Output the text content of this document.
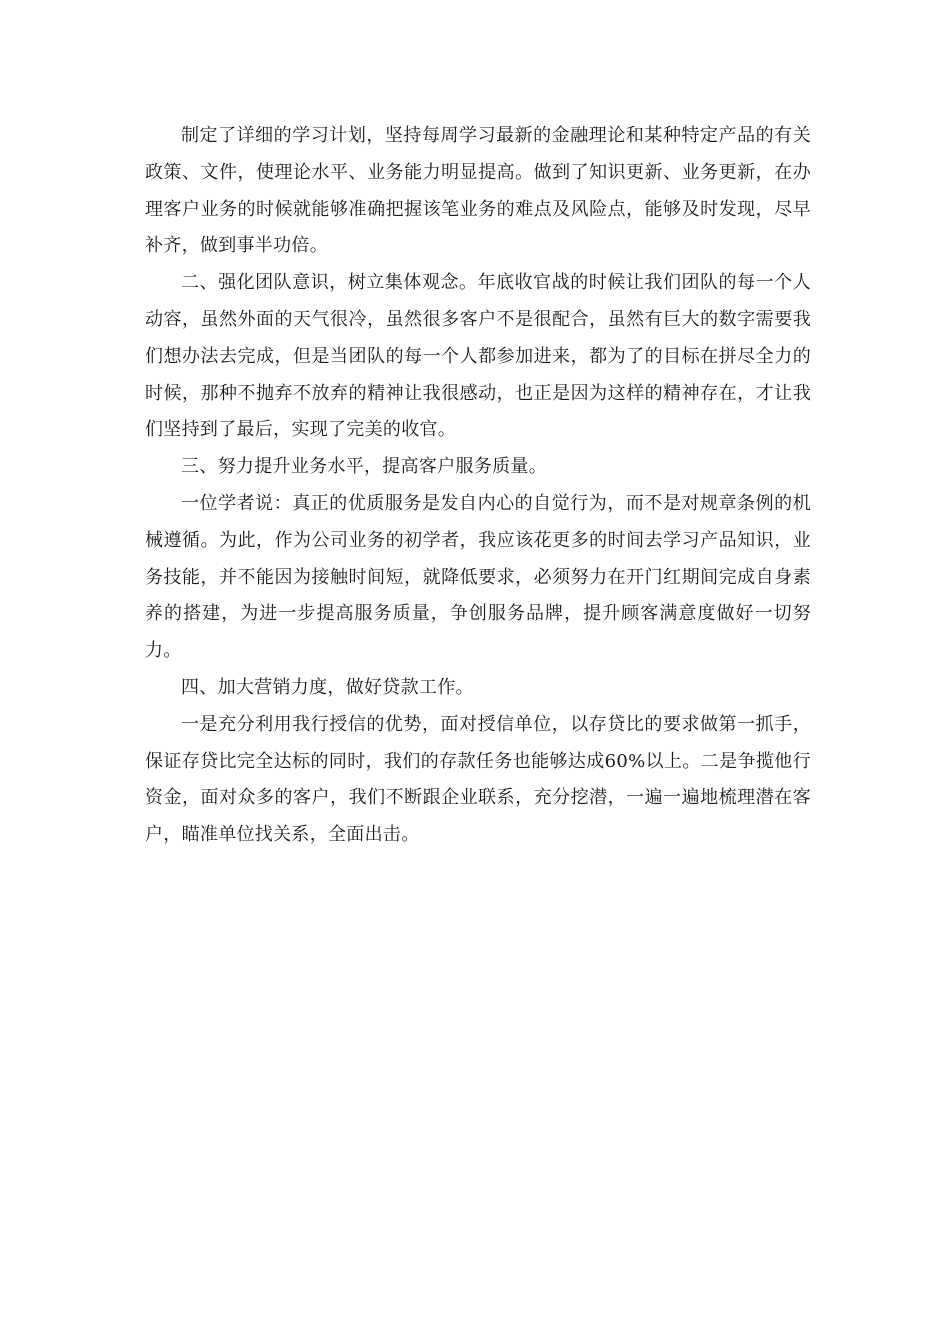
制定了详细的学习计划，坚持每周学习最新的金融理论和某种特定产品的有关政策、文件，使理论水平、业务能力明显提高。做到了知识更新、业务更新，在办理客户业务的时候就能够准确把握该笔业务的难点及风险点，能够及时发现，尽早补齐，做到事半功倍。

二、强化团队意识，树立集体观念。年底收官战的时候让我们团队的每一个人动容，虽然外面的天气很冷，虽然很多客户不是很配合，虽然有巨大的数字需要我们想办法去完成，但是当团队的每一个人都参加进来，都为了的目标在拼尽全力的时候，那种不抛弃不放弃的精神让我很感动，也正是因为这样的精神存在，才让我们坚持到了最后，实现了完美的收官。

三、努力提升业务水平，提高客户服务质量。

一位学者说：真正的优质服务是发自内心的自觉行为，而不是对规章条例的机械遵循。为此，作为公司业务的初学者，我应该花更多的时间去学习产品知识，业务技能，并不能因为接触时间短，就降低要求，必须努力在开门红期间完成自身素养的搭建，为进一步提高服务质量，争创服务品牌，提升顾客满意度做好一切努力。

四、加大营销力度，做好贷款工作。

一是充分利用我行授信的优势，面对授信单位，以存贷比的要求做第一抓手，保证存贷比完全达标的同时，我们的存款任务也能够达成60%以上。二是争揽他行资金，面对众多的客户，我们不断跟企业联系，充分挖潜，一遍一遍地梳理潜在客户，瞄准单位找关系，全面出击。
